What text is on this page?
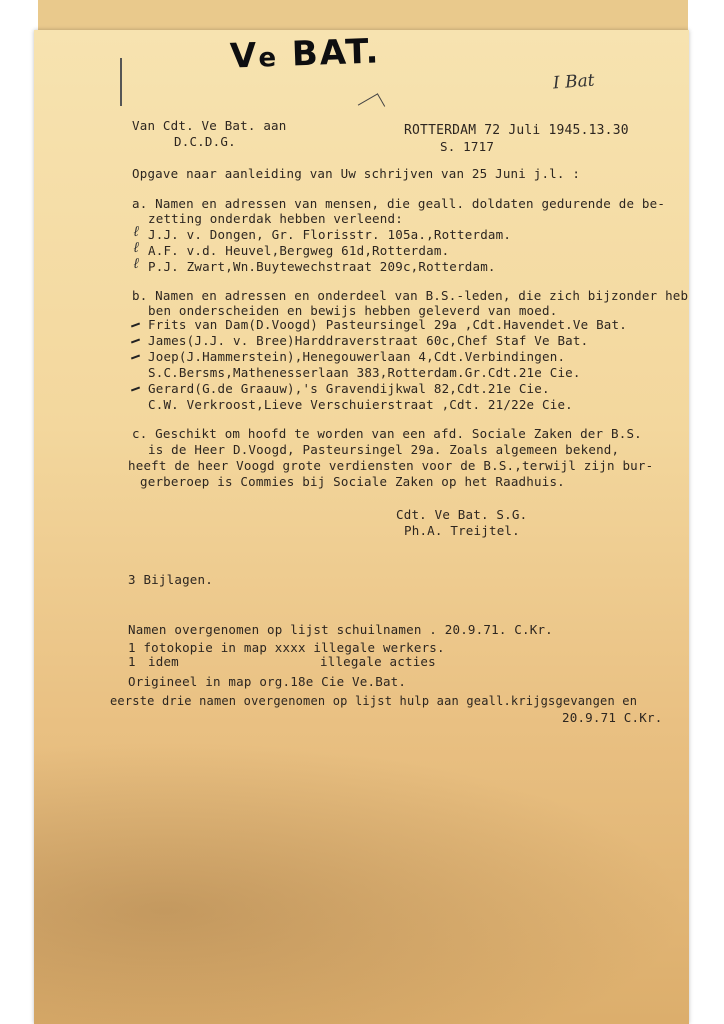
Ve BAT.
I Bat
Van Cdt. Ve Bat. aan
D.C.D.G.
ROTTERDAM 72 Juli 1945.13.30
S. 1717
Opgave naar aanleiding van Uw schrijven van 25 Juni j.l. :
a. Namen en adressen van mensen, die geall. doldaten gedurende de be-
zetting onderdak hebben verleend:
ℓ J.J. v. Dongen, Gr. Florisstr. 105a.,Rotterdam.
ℓ A.F. v.d. Heuvel,Bergweg 61d,Rotterdam.
ℓ P.J. Zwart,Wn.Buytewechstraat 209c,Rotterdam.
b. Namen en adressen en onderdeel van B.S.-leden, die zich bijzonder heb
ben onderscheiden en bewijs hebben geleverd van moed.
Frits van Dam(D.Voogd) Pasteursingel 29a ,Cdt.Havendet.Ve Bat.
James(J.J. v. Bree)Harddraverstraat 60c,Chef Staf Ve Bat.
Joep(J.Hammerstein),Henegouwerlaan 4,Cdt.Verbindingen.
S.C.Bersms,Mathenesserlaan 383,Rotterdam.Gr.Cdt.21e Cie.
Gerard(G.de Graauw),'s Gravendijkwal 82,Cdt.21e Cie.
C.W. Verkroost,Lieve Verschuierstraat ,Cdt. 21/22e Cie.
c. Geschikt om hoofd te worden van een afd. Sociale Zaken der B.S.
is de Heer D.Voogd, Pasteursingel 29a. Zoals algemeen bekend,
heeft de heer Voogd grote verdiensten voor de B.S.,terwijl zijn bur-
gerberoep is Commies bij Sociale Zaken op het Raadhuis.
Cdt. Ve Bat. S.G.
Ph.A. Treijtel.
3 Bijlagen.
Namen overgenomen op lijst schuilnamen . 20.9.71. C.Kr.
1 fotokopie in map xxxx illegale werkers.
1 idem	illegale acties
Origineel in map org.18e Cie Ve.Bat.
eerste drie namen overgenomen op lijst hulp aan geall.krijgsgevangen en
20.9.71 C.Kr.
